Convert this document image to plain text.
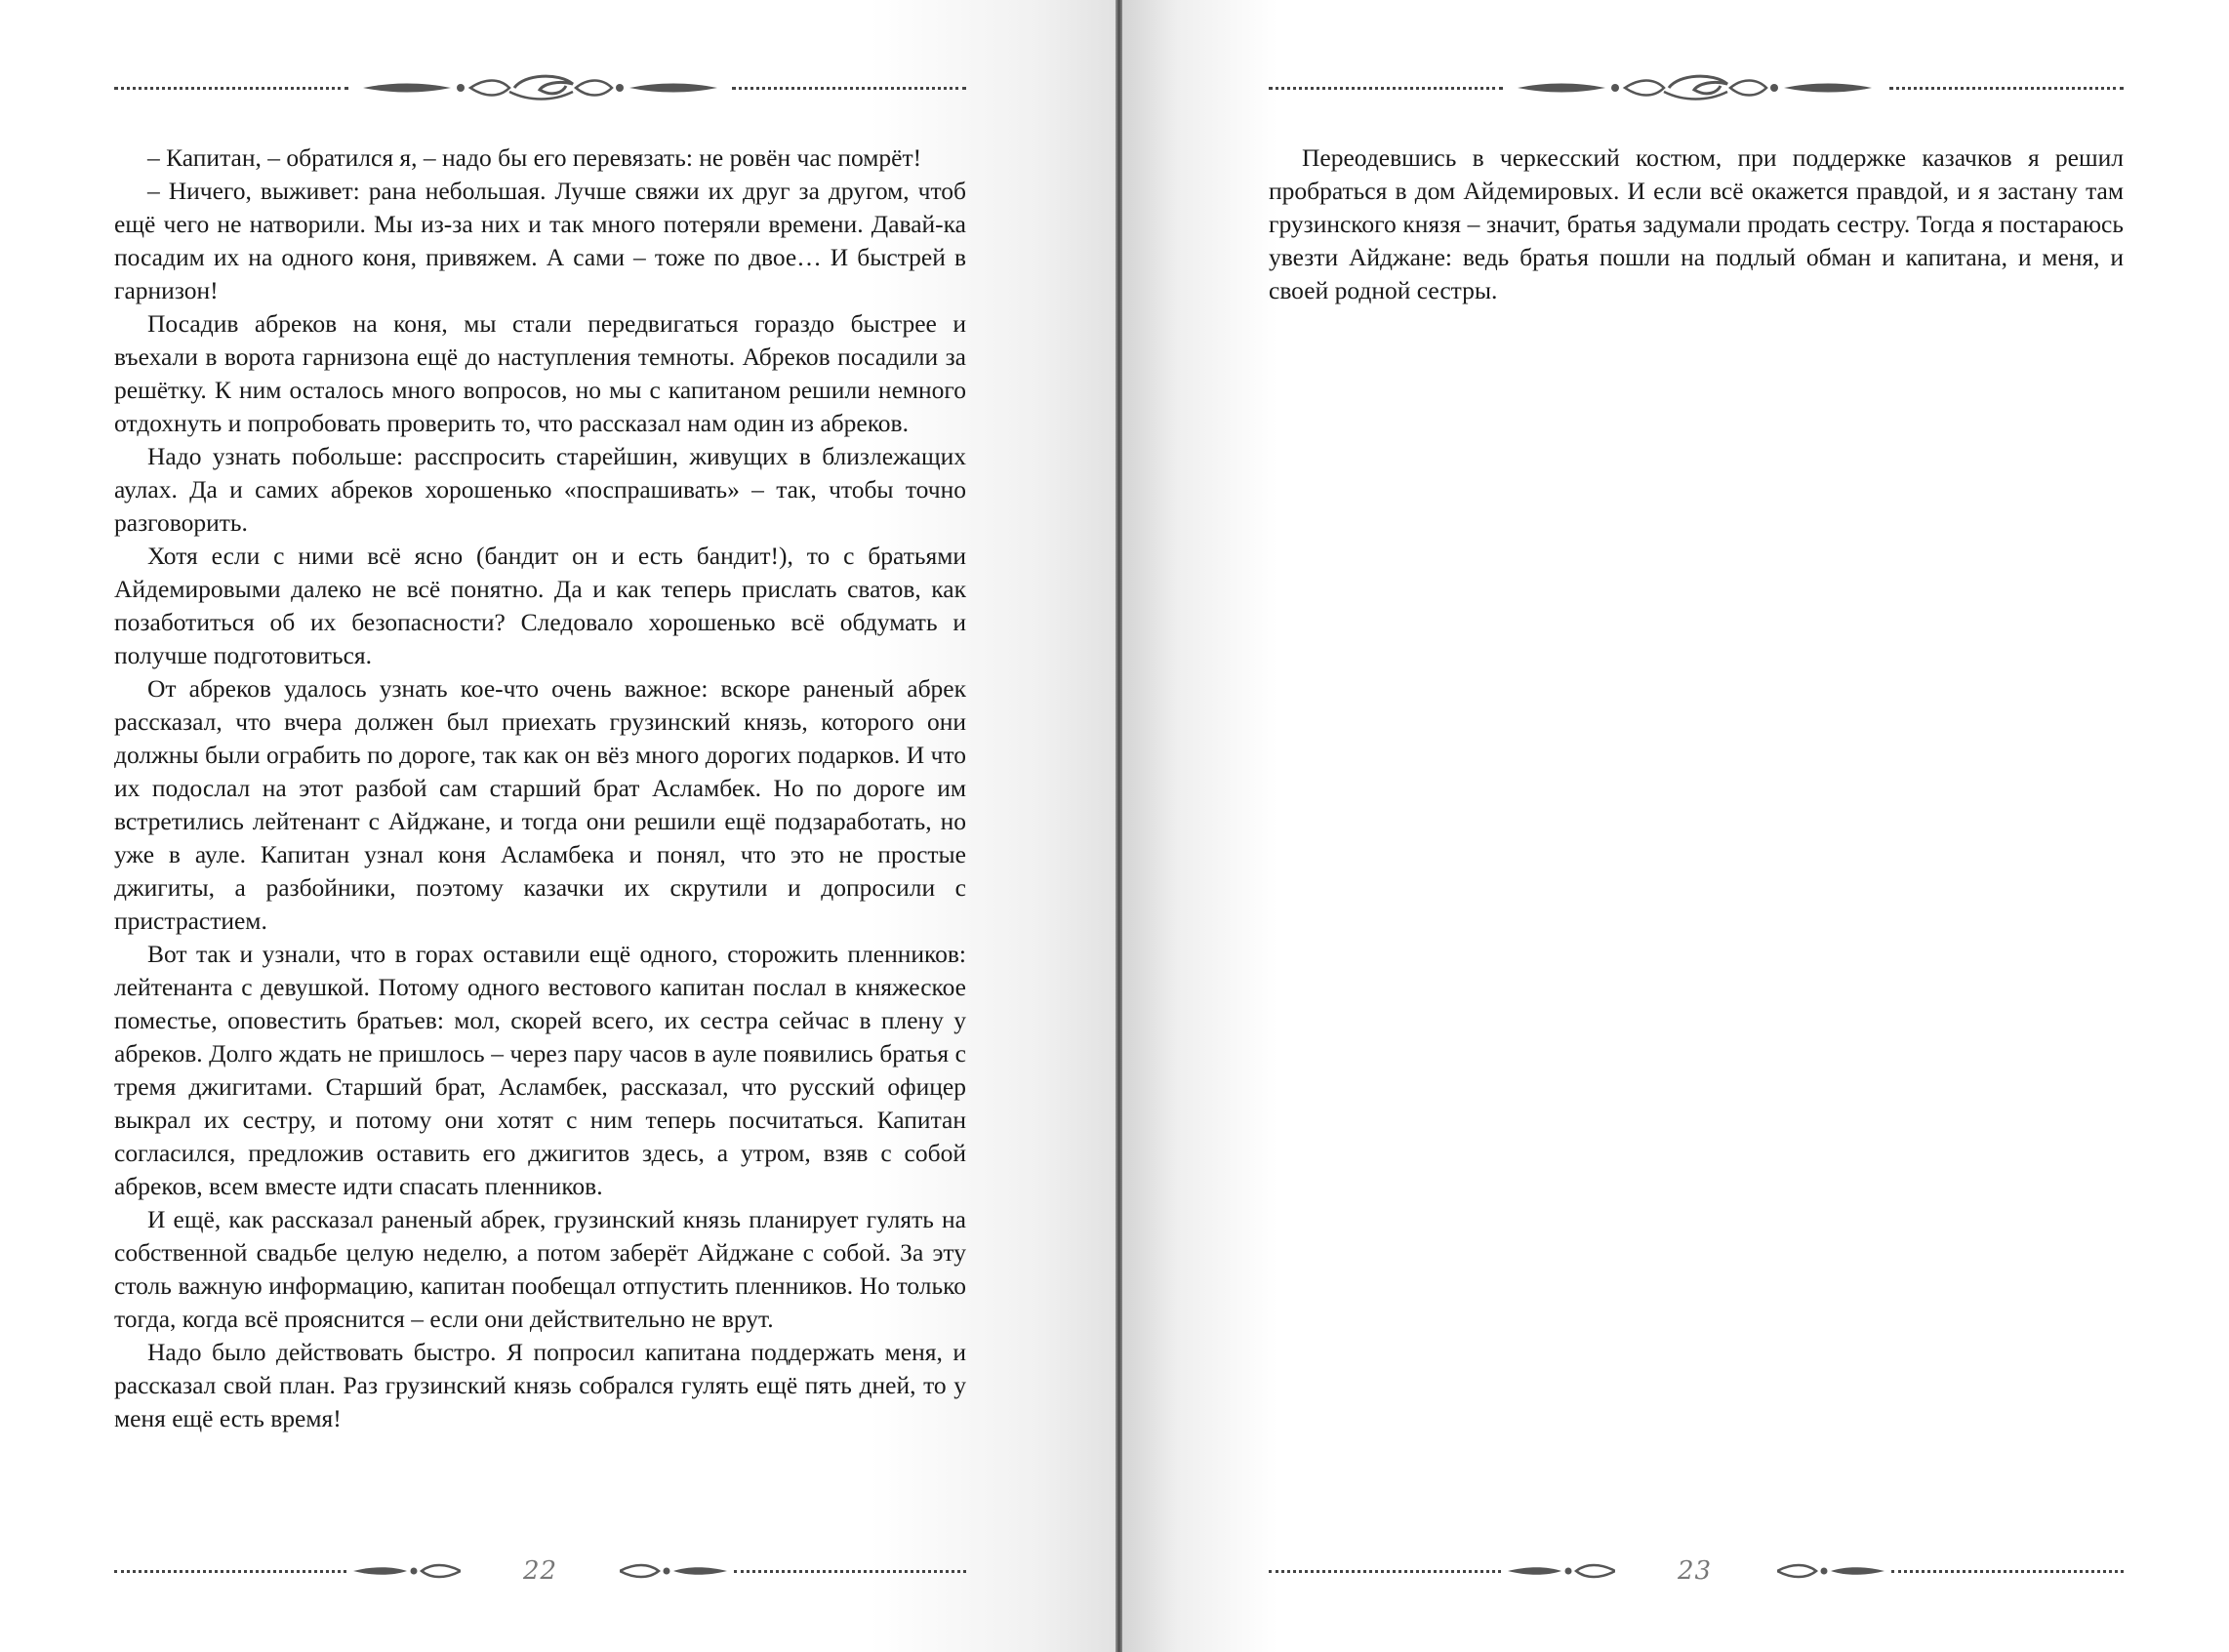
– Капитан, – обратился я, – надо бы его перевязать: не ровён час помрёт!

– Ничего, выживет: рана небольшая. Лучше свяжи их друг за другом, чтоб ещё чего не натворили. Мы из-за них и так много потеряли времени. Давай-ка посадим их на одного коня, привяжем. А сами – тоже по двое… И быстрей в гарнизон!

Посадив абреков на коня, мы стали передвигаться гораздо быстрее и въехали в ворота гарнизона ещё до наступления темноты. Абреков посадили за решётку. К ним осталось много вопросов, но мы с капитаном решили немного отдохнуть и попробовать проверить то, что рассказал нам один из абреков.

Надо узнать побольше: расспросить старейшин, живущих в близлежащих аулах. Да и самих абреков хорошенько «поспрашивать» – так, чтобы точно разговорить.

Хотя если с ними всё ясно (бандит он и есть бандит!), то с братьями Айдемировыми далеко не всё понятно. Да и как теперь прислать сватов, как позаботиться об их безопасности? Следовало хорошенько всё обдумать и получше подготовиться.

От абреков удалось узнать кое-что очень важное: вскоре раненый абрек рассказал, что вчера должен был приехать грузинский князь, которого они должны были ограбить по дороге, так как он вёз много дорогих подарков. И что их подослал на этот разбой сам старший брат Асламбек. Но по дороге им встретились лейтенант с Айджане, и тогда они решили ещё подзаработать, но уже в ауле. Капитан узнал коня Асламбека и понял, что это не простые джигиты, а разбойники, поэтому казачки их скрутили и допросили с пристрастием.

Вот так и узнали, что в горах оставили ещё одного, сторожить пленников: лейтенанта с девушкой. Потому одного вестового капитан послал в княжеское поместье, оповестить братьев: мол, скорей всего, их сестра сейчас в плену у абреков. Долго ждать не пришлось – через пару часов в ауле появились братья с тремя джигитами. Старший брат, Асламбек, рассказал, что русский офицер выкрал их сестру, и потому они хотят с ним теперь посчитаться. Капитан согласился, предложив оставить его джигитов здесь, а утром, взяв с собой абреков, всем вместе идти спасать пленников.

И ещё, как рассказал раненый абрек, грузинский князь планирует гулять на собственной свадьбе целую неделю, а потом заберёт Айджане с собой. За эту столь важную информацию, капитан пообещал отпустить пленников. Но только тогда, когда всё прояснится – если они действительно не врут.

Надо было действовать быстро. Я попросил капитана поддержать меня, и рассказал свой план. Раз грузинский князь собрался гулять ещё пять дней, то у меня ещё есть время!

22

Переодевшись в черкесский костюм, при поддержке казачков я решил пробраться в дом Айдемировых. И если всё окажется правдой, и я застану там грузинского князя – значит, братья задумали продать сестру. Тогда я постараюсь увезти Айджане: ведь братья пошли на подлый обман и капитана, и меня, и своей родной сестры.

23
